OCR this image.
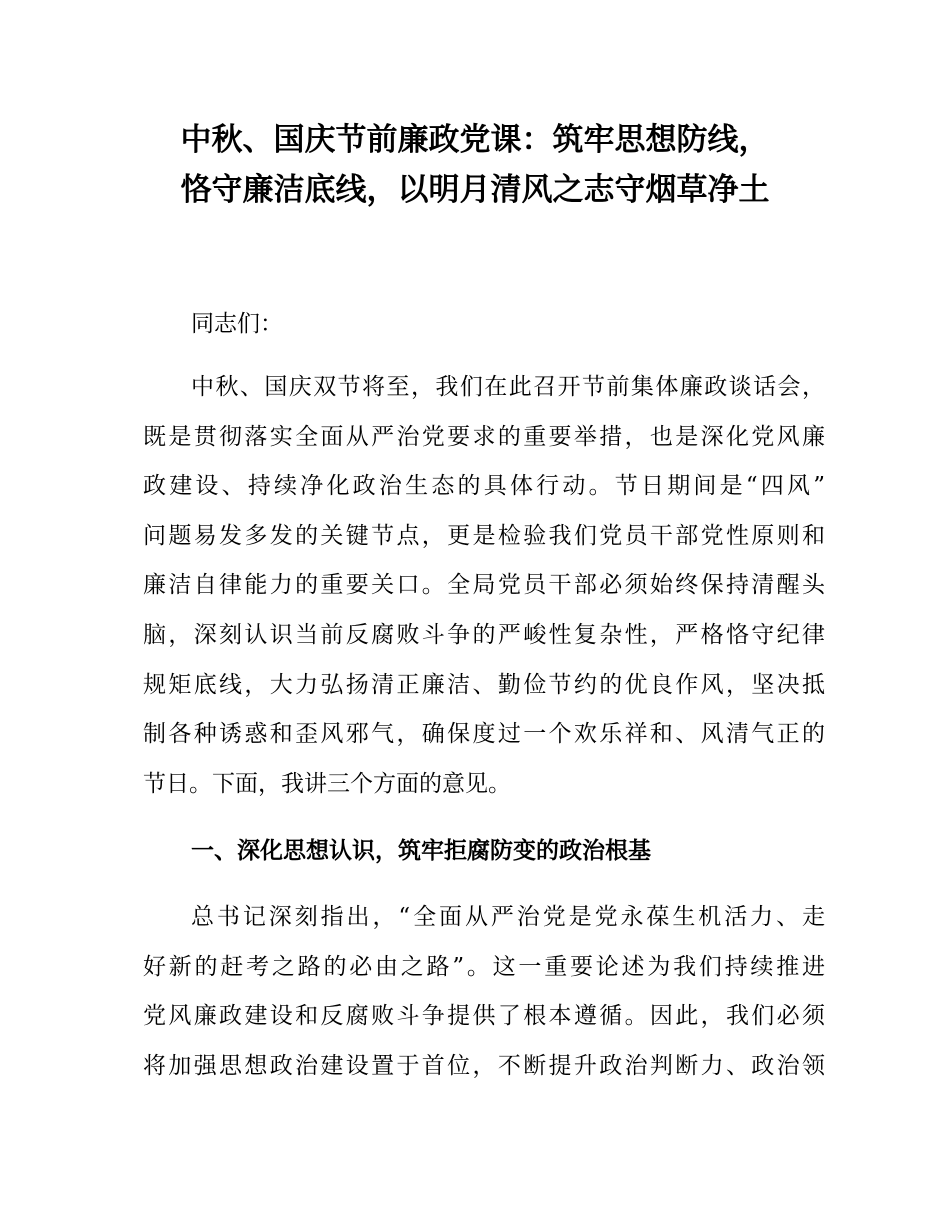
中秋、国庆节前廉政党课：筑牢思想防线，
恪守廉洁底线，以明月清风之志守烟草净土
同志们：
中秋、国庆双节将至，我们在此召开节前集体廉政谈话会，
既是贯彻落实全面从严治党要求的重要举措，也是深化党风廉
政建设、持续净化政治生态的具体行动。节日期间是“四风”
问题易发多发的关键节点，更是检验我们党员干部党性原则和
廉洁自律能力的重要关口。全局党员干部必须始终保持清醒头
脑，深刻认识当前反腐败斗争的严峻性复杂性，严格恪守纪律
规矩底线，大力弘扬清正廉洁、勤俭节约的优良作风，坚决抵
制各种诱惑和歪风邪气，确保度过一个欢乐祥和、风清气正的
节日。下面，我讲三个方面的意见。
一、深化思想认识，筑牢拒腐防变的政治根基
总书记深刻指出，“全面从严治党是党永葆生机活力、走
好新的赶考之路的必由之路”。这一重要论述为我们持续推进
党风廉政建设和反腐败斗争提供了根本遵循。因此，我们必须
将加强思想政治建设置于首位，不断提升政治判断力、政治领
